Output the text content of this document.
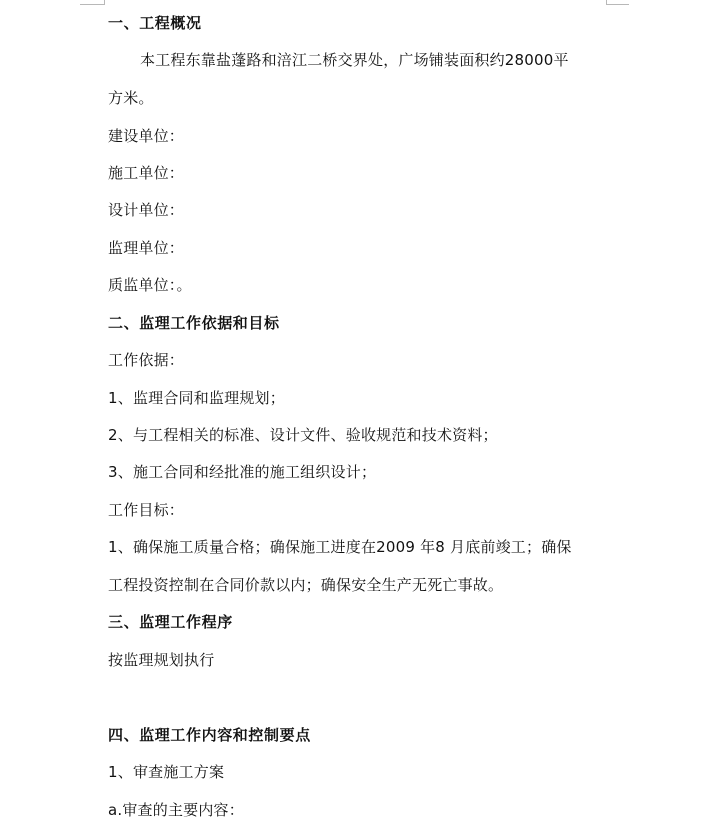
一、工程概况
本工程东靠盐蓬路和涪江二桥交界处，广场铺装面积约28000平
方米。
建设单位：
施工单位：
设计单位：
监理单位：
质监单位：。
二、监理工作依据和目标
工作依据：
1、监理合同和监理规划；
2、与工程相关的标准、设计文件、验收规范和技术资料；
3、施工合同和经批准的施工组织设计；
工作目标：
1、确保施工质量合格；确保施工进度在2009 年8 月底前竣工；确保
工程投资控制在合同价款以内；确保安全生产无死亡事故。
三、监理工作程序
按监理规划执行
四、监理工作内容和控制要点
1、审查施工方案
a.审查的主要内容：
